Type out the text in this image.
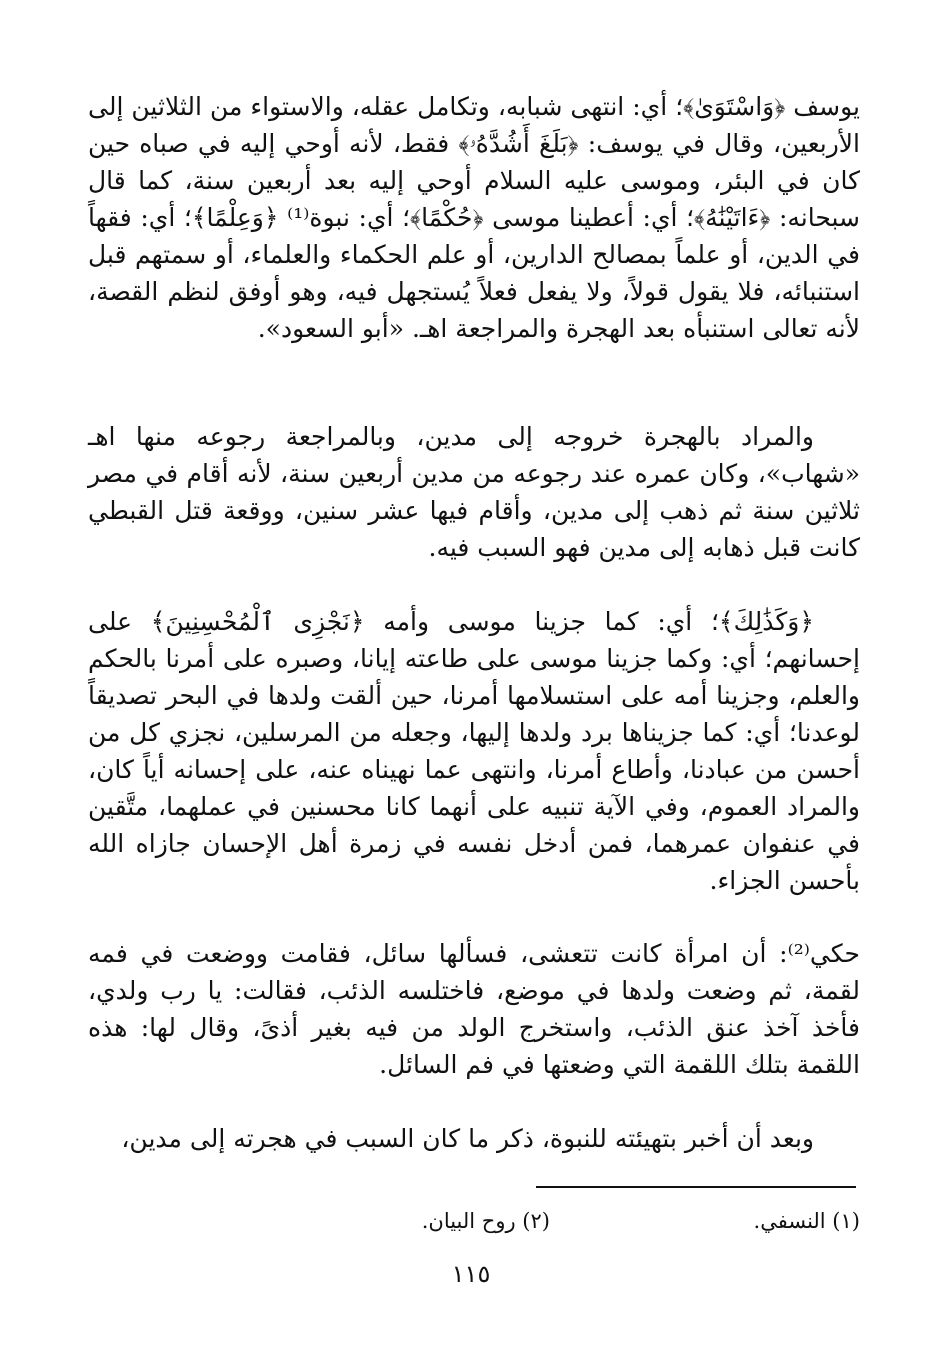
يوسف ﴿وَاسْتَوَىٰ﴾؛ أي: انتهى شبابه، وتكامل عقله، والاستواء من الثلاثين إلى الأربعين، وقال في يوسف: ﴿بَلَغَ أَشُدَّهُۥ﴾ فقط، لأنه أوحي إليه في صباه حين كان في البئر، وموسى عليه السلام أوحي إليه بعد أربعين سنة، كما قال سبحانه: ﴿ءَاتَيْنَٰهُ﴾؛ أي: أعطينا موسى ﴿حُكْمًا﴾؛ أي: نبوة⁽¹⁾ ﴿وَعِلْمًا﴾؛ أي: فقهاً في الدين، أو علماً بمصالح الدارين، أو علم الحكماء والعلماء، أو سمتهم قبل استنبائه، فلا يقول قولاً، ولا يفعل فعلاً يُستجهل فيه، وهو أوفق لنظم القصة، لأنه تعالى استنبأه بعد الهجرة والمراجعة اهـ. «أبو السعود».

والمراد بالهجرة خروجه إلى مدين، وبالمراجعة رجوعه منها اهـ «شهاب»، وكان عمره عند رجوعه من مدين أربعين سنة، لأنه أقام في مصر ثلاثين سنة ثم ذهب إلى مدين، وأقام فيها عشر سنين، ووقعة قتل القبطي كانت قبل ذهابه إلى مدين فهو السبب فيه.

﴿وَكَذَٰلِكَ﴾؛ أي: كما جزينا موسى وأمه ﴿نَجْزِى ٱلْمُحْسِنِينَ﴾ على إحسانهم؛ أي: وكما جزينا موسى على طاعته إيانا، وصبره على أمرنا بالحكم والعلم، وجزينا أمه على استسلامها أمرنا، حين ألقت ولدها في البحر تصديقاً لوعدنا؛ أي: كما جزيناها برد ولدها إليها، وجعله من المرسلين، نجزي كل من أحسن من عبادنا، وأطاع أمرنا، وانتهى عما نهيناه عنه، على إحسانه أياً كان، والمراد العموم، وفي الآية تنبيه على أنهما كانا محسنين في عملهما، متَّقين في عنفوان عمرهما، فمن أدخل نفسه في زمرة أهل الإحسان جازاه الله بأحسن الجزاء.

حكي⁽²⁾: أن امرأة كانت تتعشى، فسألها سائل، فقامت ووضعت في فمه لقمة، ثم وضعت ولدها في موضع، فاختلسه الذئب، فقالت: يا رب ولدي، فأخذ آخذ عنق الذئب، واستخرج الولد من فيه بغير أذىً، وقال لها: هذه اللقمة بتلك اللقمة التي وضعتها في فم السائل.

وبعد أن أخبر بتهيئته للنبوة، ذكر ما كان السبب في هجرته إلى مدين،

(١) النسفي.
(٢) روح البيان.
١١٥
